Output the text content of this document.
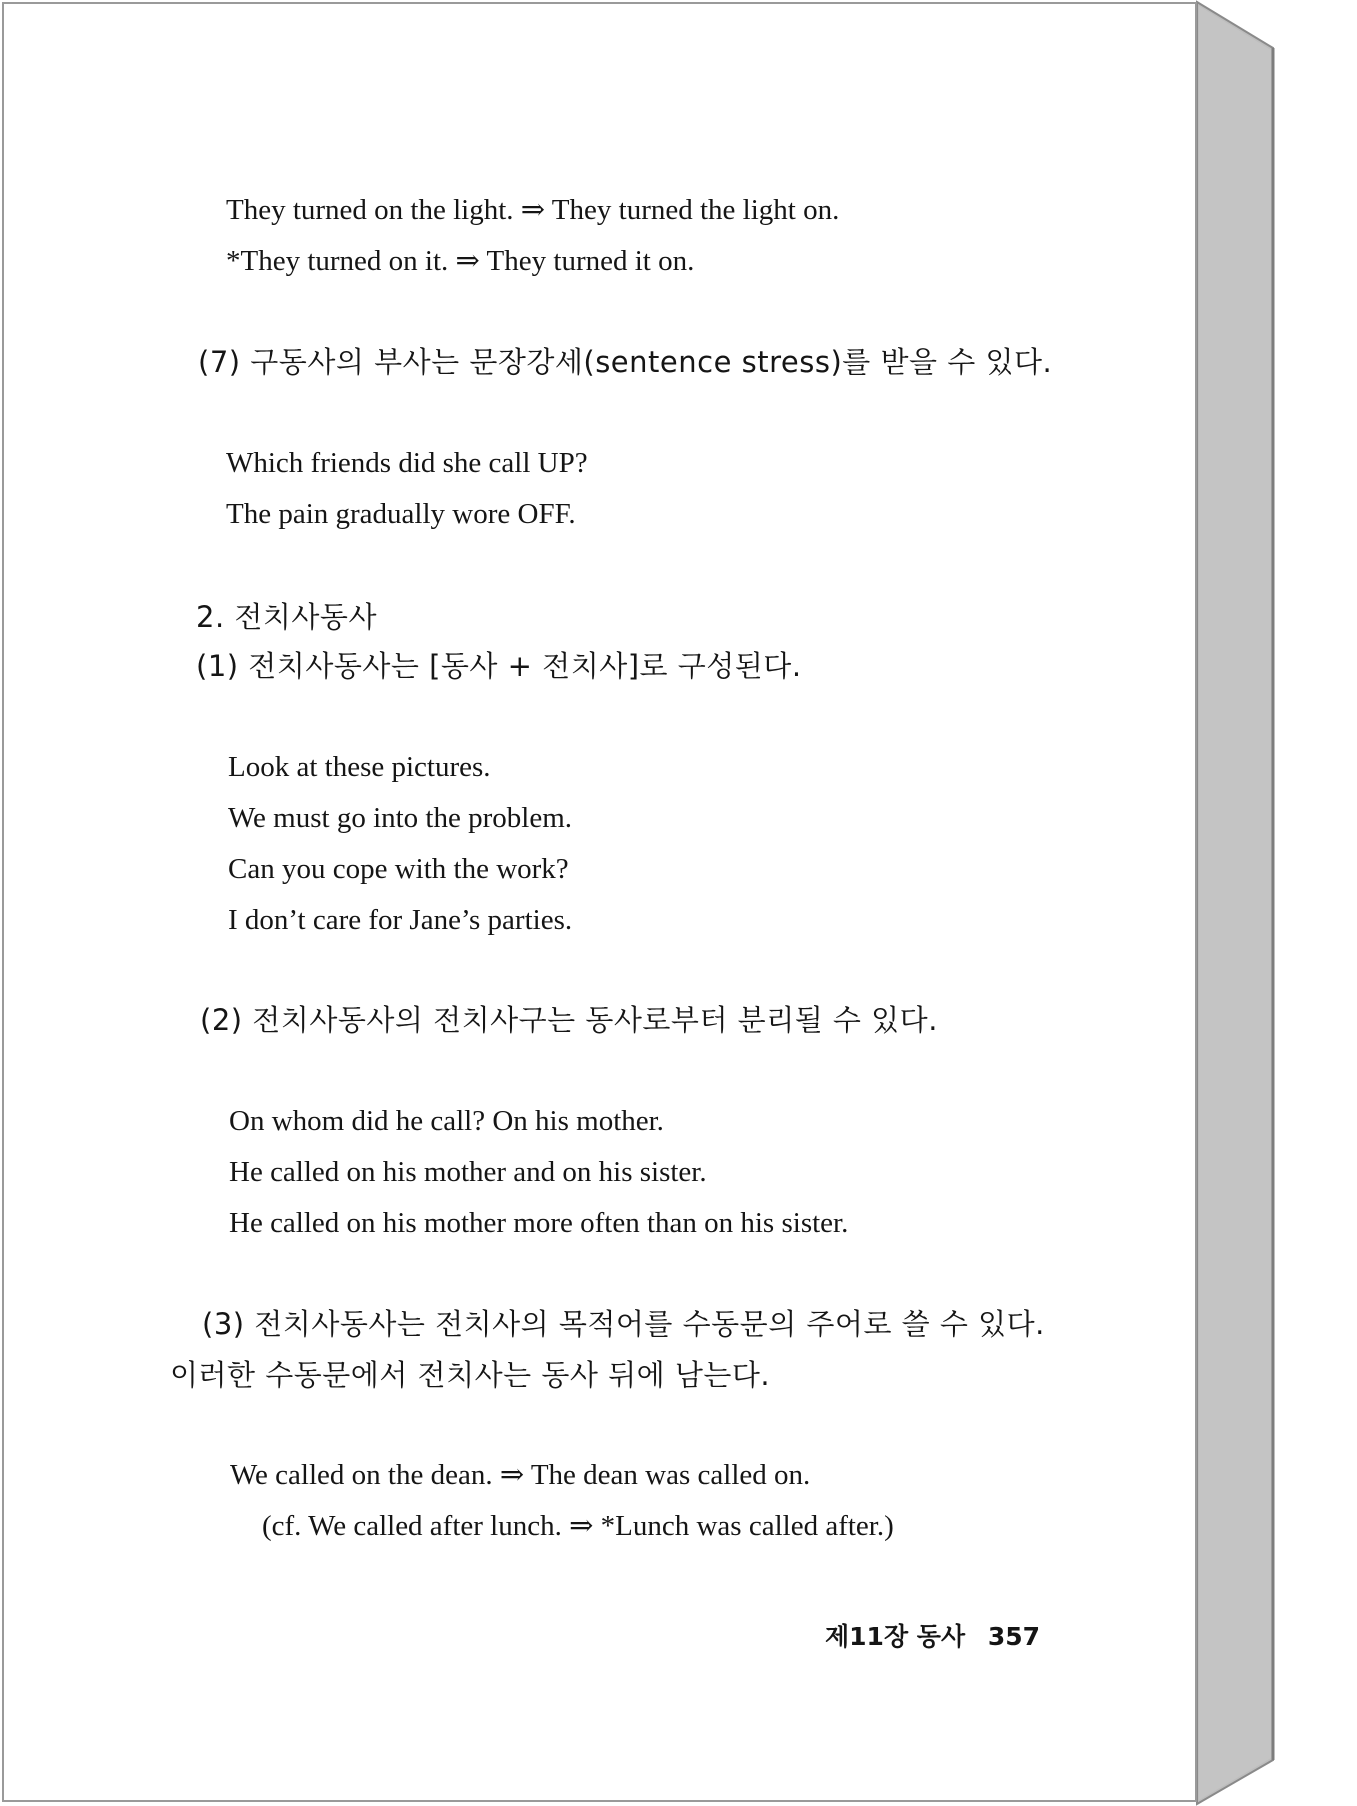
They turned on the light. ⇒ They turned the light on.
*They turned on it. ⇒ They turned it on.
(7) 구동사의 부사는 문장강세(sentence stress)를 받을 수 있다.
Which friends did she call UP?
The pain gradually wore OFF.
2. 전치사동사
(1) 전치사동사는 [동사 + 전치사]로 구성된다.
Look at these pictures.
We must go into the problem.
Can you cope with the work?
I don’t care for Jane’s parties.
(2) 전치사동사의 전치사구는 동사로부터 분리될 수 있다.
On whom did he call? On his mother.
He called on his mother and on his sister.
He called on his mother more often than on his sister.
(3) 전치사동사는 전치사의 목적어를 수동문의 주어로 쓸 수 있다.
이러한 수동문에서 전치사는 동사 뒤에 남는다.
We called on the dean. ⇒ The dean was called on.
(cf. We called after lunch. ⇒ *Lunch was called after.)
제11장 동사 357
